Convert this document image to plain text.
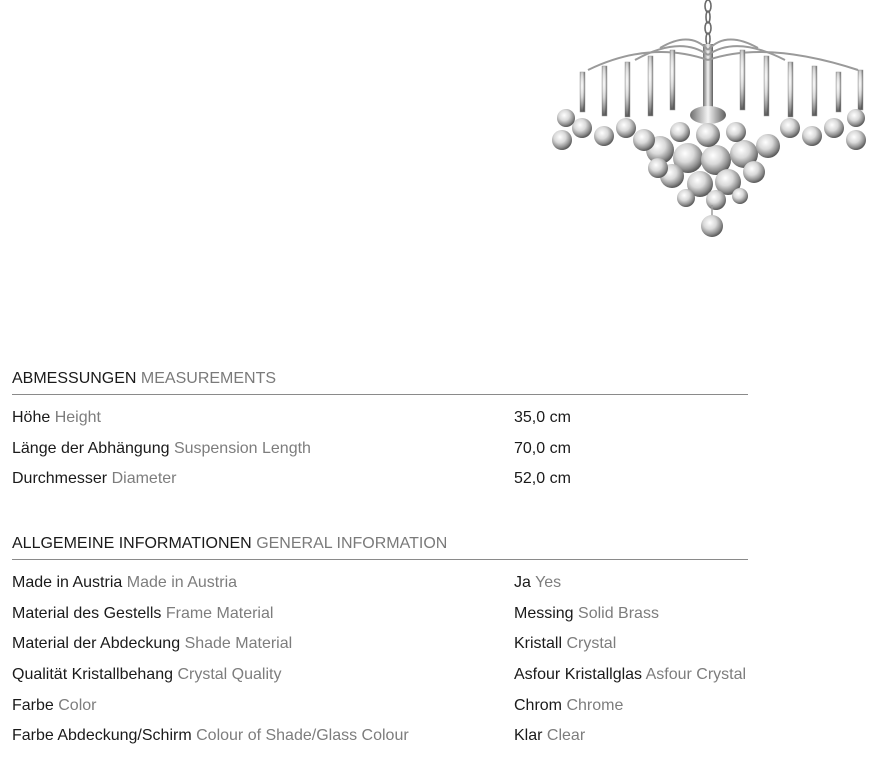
ABMESSUNGEN MEASUREMENTS
Höhe Height	35,0 cm
Länge der Abhängung Suspension Length	70,0 cm
Durchmesser Diameter	52,0 cm
ALLGEMEINE INFORMATIONEN GENERAL INFORMATION
Made in Austria Made in Austria	Ja Yes
Material des Gestells Frame Material	Messing Solid Brass
Material der Abdeckung Shade Material	Kristall Crystal
Qualität Kristallbehang Crystal Quality	Asfour Kristallglas Asfour Crystal
Farbe Color	Chrom Chrome
Farbe Abdeckung/Schirm Colour of Shade/Glass Colour	Klar Clear
